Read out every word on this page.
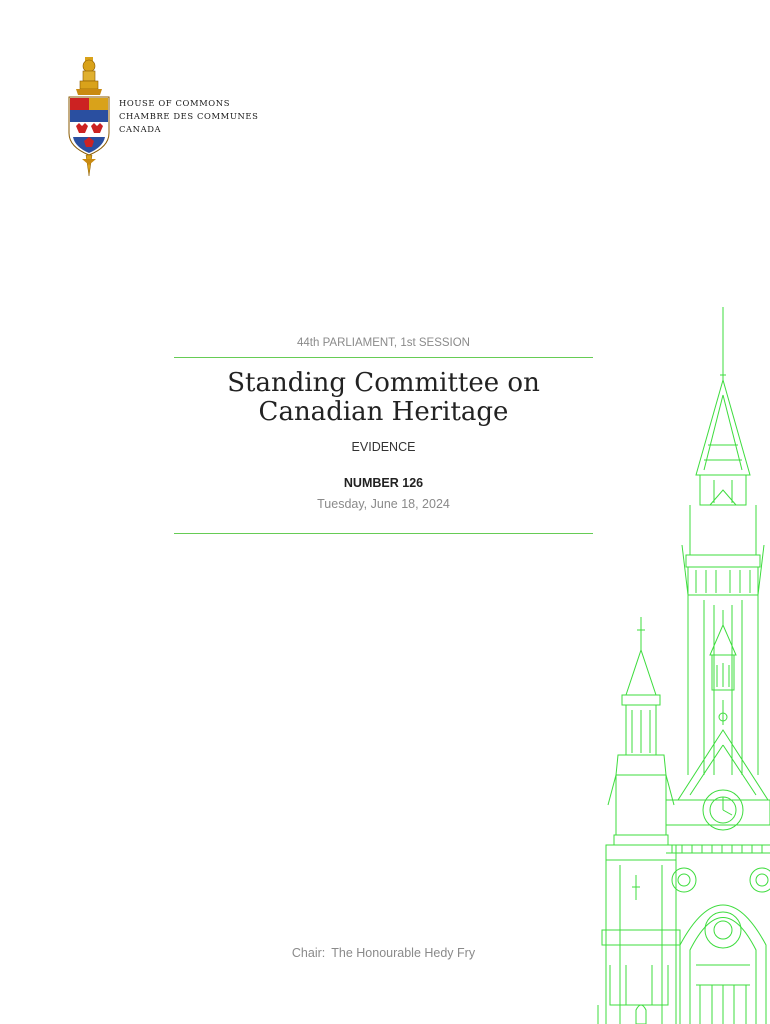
HOUSE OF COMMONS
CHAMBRE DES COMMUNES
CANADA
44th PARLIAMENT, 1st SESSION
Standing Committee on
Canadian Heritage
EVIDENCE
NUMBER 126
Tuesday, June 18, 2024
Chair: The Honourable Hedy Fry
